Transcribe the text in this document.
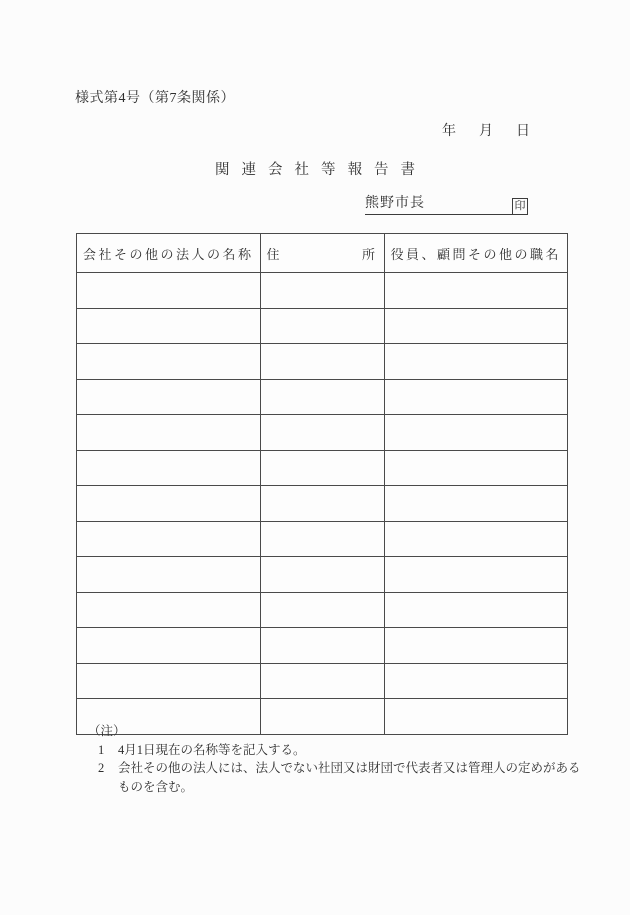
様式第4号（第7条関係）
年 月 日
関連会社等報告書
熊野市長	印
会社その他の法人の名称	住 所	役員、顧問その他の職名

（注）
1	4月1日現在の名称等を記入する。
2	会社その他の法人には、法人でない社団又は財団で代表者又は管理人の定めがあるものを含む。
